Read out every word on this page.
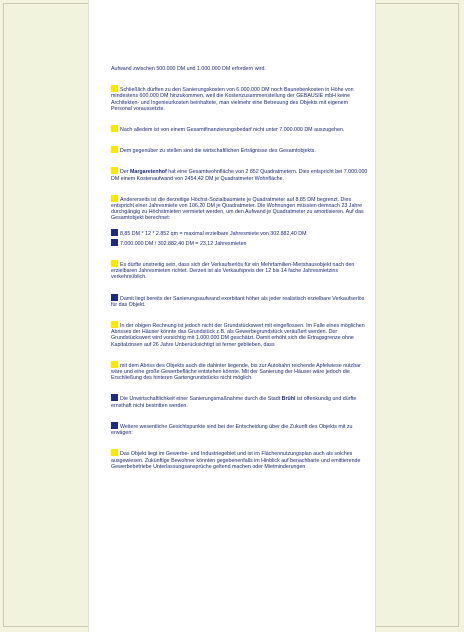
Aufwand zwischen 500.000 DM und 1.000.000 DM erfordern wird.

Schließlich dürften zu den Sanierungskosten von 6.000.000 DM noch Baunebenkosten in Höhe von mindestens 600.000 DM hinzukommen, weil die Kostenzusammenstellung der GEBAUSIE mbH keine Architekten- und Ingenieurkosten beinhaltete, man vielmehr eine Betreuung des Objekts mit eigenem Personal voraussetzte.

Nach alledem ist von einem Gesamtfinanzierungsbedarf nicht unter 7.000.000 DM auszugehen.

Dem gegenüber zu stellen sind die wirtschaftlichen Erträgnisse des Gesamtobjekts.

Der Margaretenhof hat eine Gesamtwohnfläche von 2 852 Quadratmetern. Dies entspricht bei 7.000.000 DM einem Kostenaufwand von 2454,42 DM je Quadratmeter Wohnfläche.

Andererseits ist die derzeitige Höchst-Sozialbaumiete je Quadratmeter auf 8,85 DM begrenzt. Dies entspricht einer Jahresmiete von 106,20 DM je Quadratmeter. Die Wohnungen müssten demnach 23 Jahre durchgängig zu Höchstmieten vermietet werden, um den Aufwand je Quadratmeter zu amortisieren. Auf das Gesamtobjekt berechnet:

8,85 DM * 12 * 2.852 qm = maximal erzielbare Jahresmiete von 302.882,40 DM

7.000.000 DM / 302.882,40 DM = 23,12 Jahresmieten

Es dürfte unstreitig sein, dass sich der Verkaufserlös für ein Mehrfamilien-Mietshausobjekt nach den erzielbaren Jahresmieten richtet. Derzeit ist als Verkaufspreis der 12 bis 14 fache Jahresmietzins verkehrsüblich.

Damit liegt bereits der Sanierungsaufwand exorbitant höher als jeder realistisch erzielbare Verkaufserlös für das Objekt.

In der obigen Rechnung ist jedoch nicht der Grundstückswert mit eingeflossen. Im Falle eines möglichen Abrisses der Häuser könnte das Grundstück z.B. als Gewerbegrundstück veräußert werden. Der Grundstückswert wird vorsichtig mit 1.000.000 DM geschätzt. Damit erhöht sich die Ertragsgrenze ohne Kapitalzinsen auf 26 Jahre Unberücksichtigt ist ferner geblieben, dass

mit dem Abriss des Objekts auch die dahinter liegende, bis zur Autobahn reichende Apfelwiese nutzbar wäre und eine große Gewerbefläche entstehen könnte. Mit der Sanierung der Häuser wäre jedoch die Erschließung des hinteren Gartengrundstücks nicht möglich.

Die Unwirtschaftlichkeit einer Sanierungsmaßnahme durch die Stadt Brühl ist offenkundig und dürfte ernsthaft nicht bestritten werden.

Weitere wesentliche Gesichtspunkte sind bei der Entscheidung über die Zukunft des Objekts mit zu erwägen:

Das Objekt liegt im Gewerbe- und Industriegebiet und ist im Flächennutzungsplan auch als solches ausgewiesen. Zukünftige Bewohner könnten gegebenenfalls im Hinblick auf benachbarte und emittierende Gewerbebetriebe Unterlassungsansprüche geltend machen oder Mietminderungen
